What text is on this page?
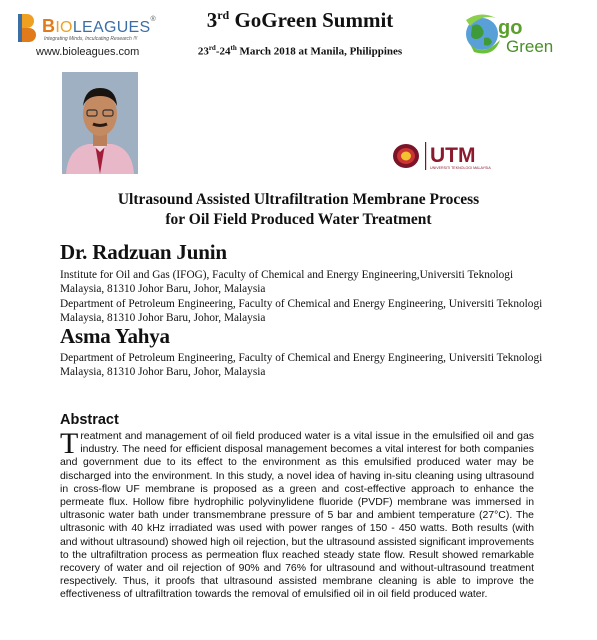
BIOLEAGUES®
Integrating Minds, Inculcating Research !!!
www.bioleagues.com
3rd GoGreen Summit
23rd-24th March 2018 at Manila, Philippines
go
Green
UTM
UNIVERSITI TEKNOLOGI MALAYSIA
Ultrasound Assisted Ultrafiltration Membrane Process
for Oil Field Produced Water Treatment
Dr. Radzuan Junin
Institute for Oil and Gas (IFOG), Faculty of Chemical and Energy Engineering,Universiti Teknologi Malaysia, 81310 Johor Baru, Johor, Malaysia
Department of Petroleum Engineering, Faculty of Chemical and Energy Engineering, Universiti Teknologi Malaysia, 81310 Johor Baru, Johor, Malaysia
Asma Yahya
Department of Petroleum Engineering, Faculty of Chemical and Energy Engineering, Universiti Teknologi Malaysia, 81310 Johor Baru, Johor, Malaysia
Abstract
Treatment and management of oil field produced water is a vital issue in the emulsified oil and gas industry. The need for efficient disposal management becomes a vital interest for both companies and government due to its effect to the environment as this emulsified produced water may be discharged into the environment. In this study, a novel idea of having in-situ cleaning using ultrasound in cross-flow UF membrane is proposed as a green and cost-effective approach to enhance the permeate flux. Hollow fibre hydrophilic polyvinylidene fluoride (PVDF) membrane was immersed in ultrasonic water bath under transmembrane pressure of 5 bar and ambient temperature (27°C). The ultrasonic with 40 kHz irradiated was used with power ranges of 150 - 450 watts. Both results (with and without ultrasound) showed high oil rejection, but the ultrasound assisted significant improvements to the ultrafiltration process as permeation flux reached steady state flow. Result showed remarkable recovery of water and oil rejection of 90% and 76% for ultrasound and without-ultrasound treatment respectively. Thus, it proofs that ultrasound assisted membrane cleaning is able to improve the effectiveness of ultrafiltration towards the removal of emulsified oil in oil field produced water.
